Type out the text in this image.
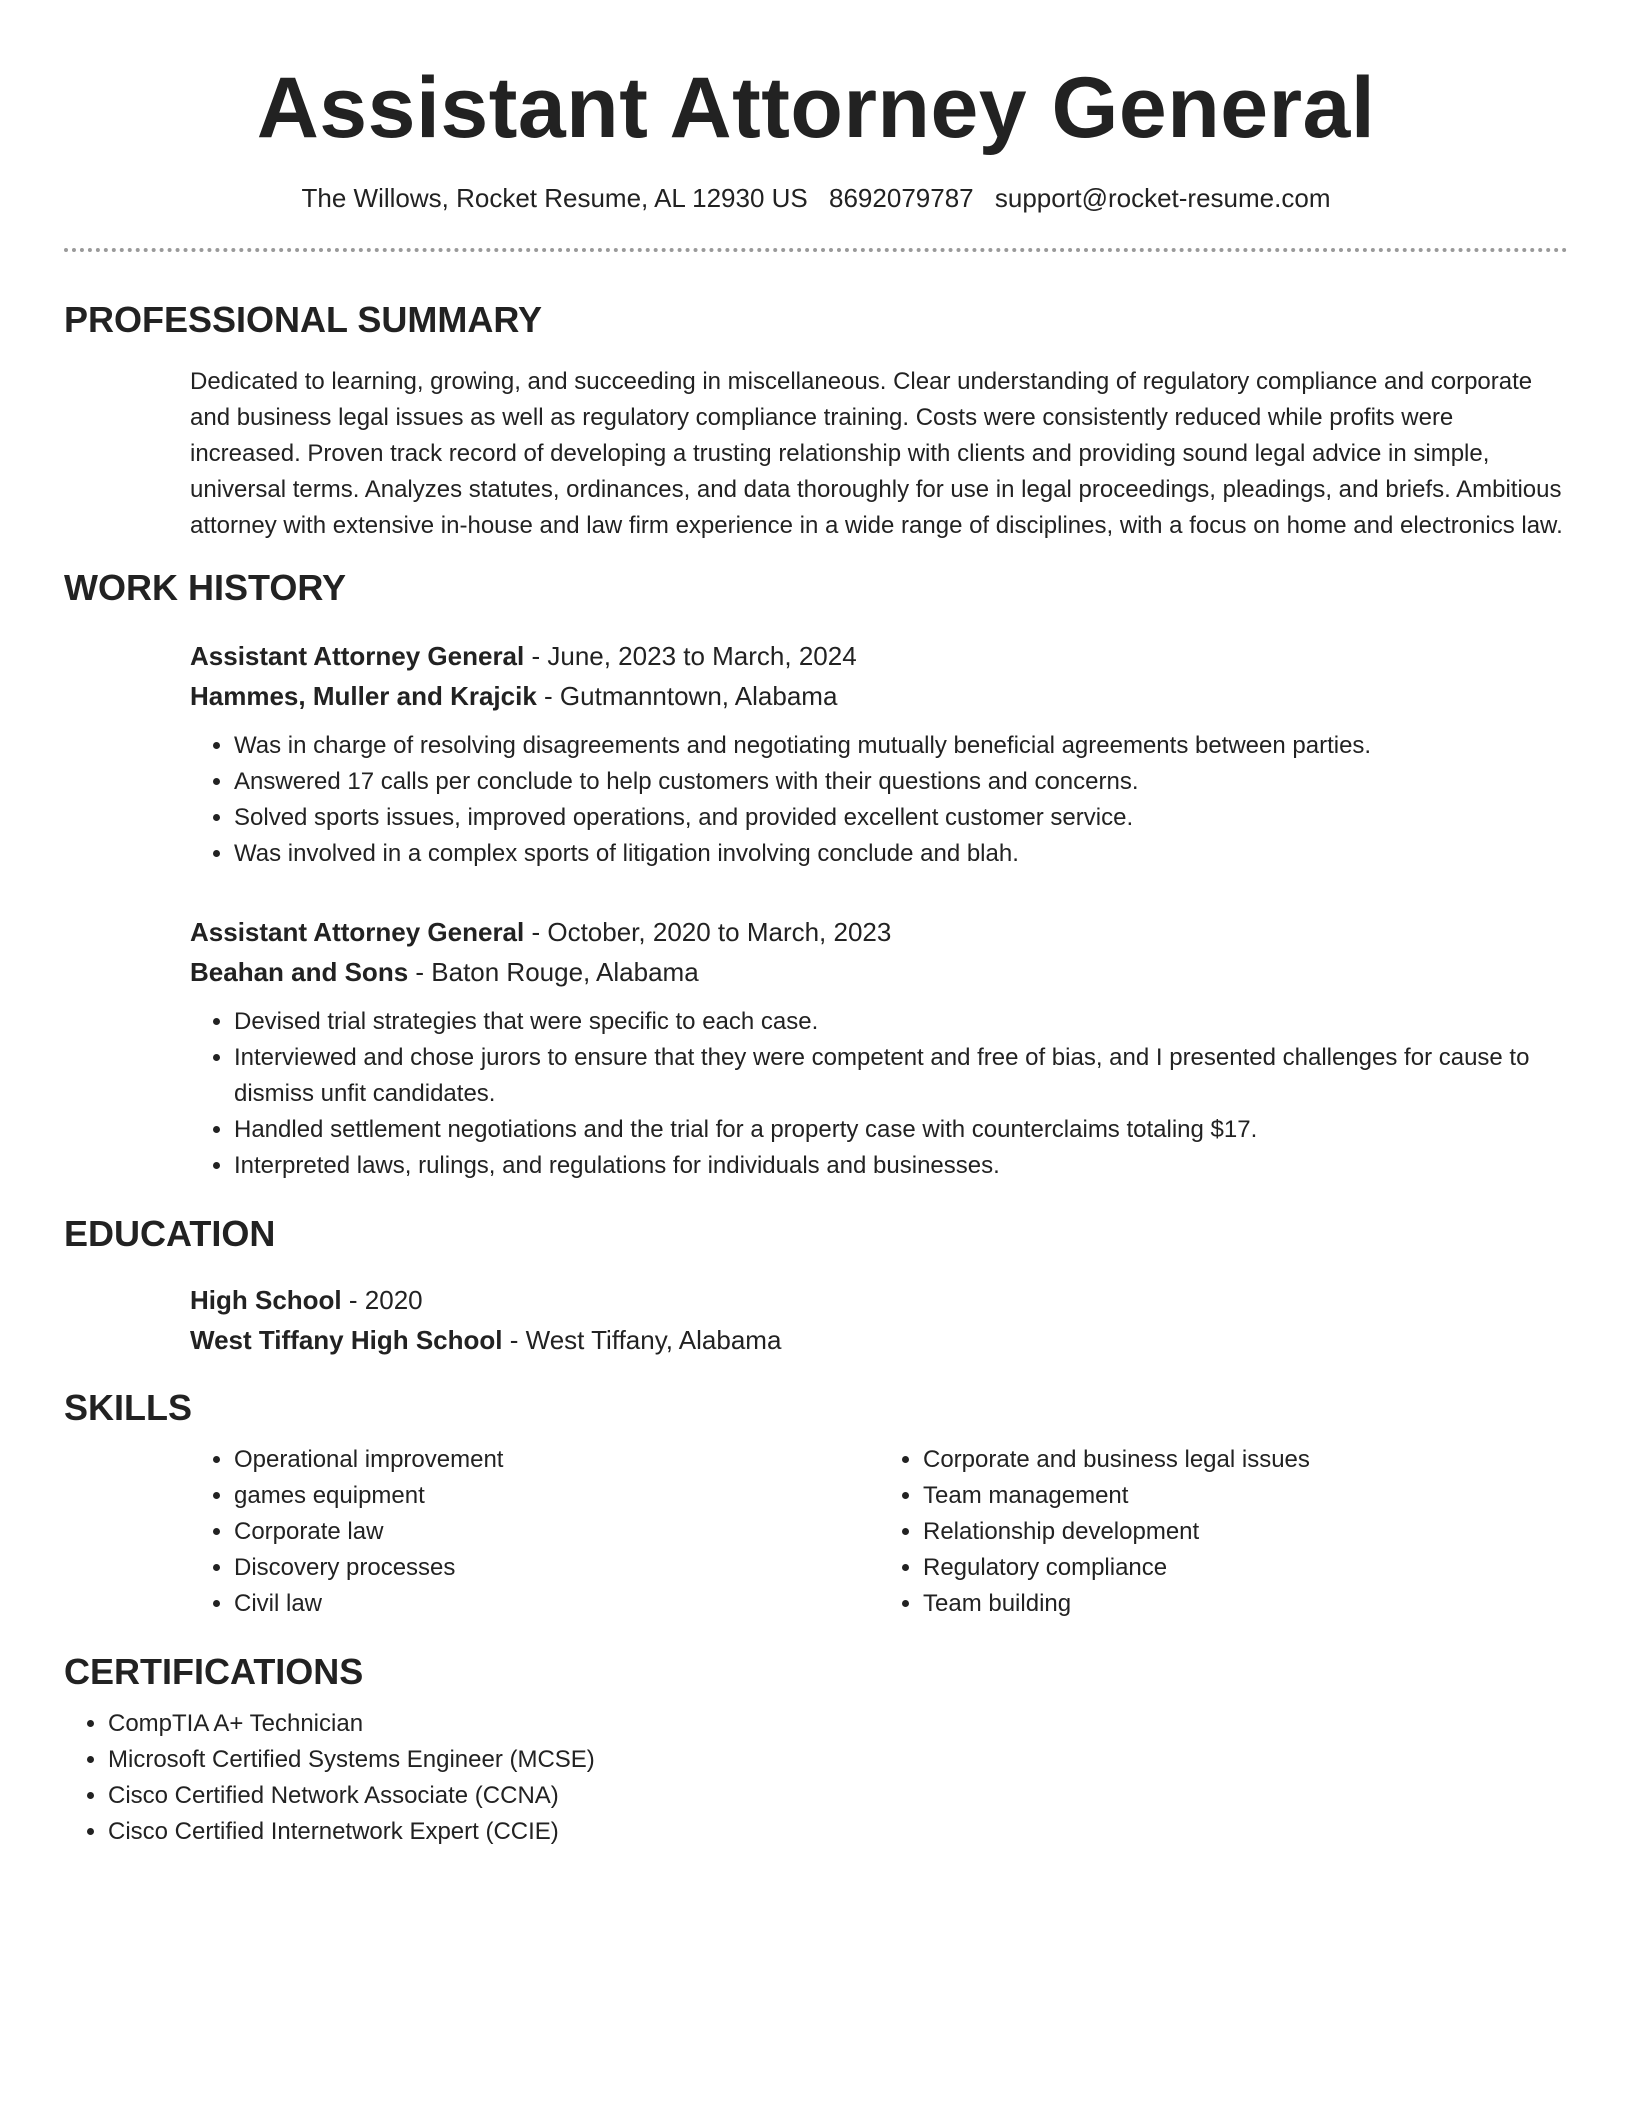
Assistant Attorney General
The Willows, Rocket Resume, AL 12930 US 8692079787 support@rocket-resume.com
PROFESSIONAL SUMMARY
Dedicated to learning, growing, and succeeding in miscellaneous. Clear understanding of regulatory compliance and corporate and business legal issues as well as regulatory compliance training. Costs were consistently reduced while profits were increased. Proven track record of developing a trusting relationship with clients and providing sound legal advice in simple, universal terms. Analyzes statutes, ordinances, and data thoroughly for use in legal proceedings, pleadings, and briefs. Ambitious attorney with extensive in-house and law firm experience in a wide range of disciplines, with a focus on home and electronics law.
WORK HISTORY
Assistant Attorney General - June, 2023 to March, 2024
Hammes, Muller and Krajcik - Gutmanntown, Alabama
• Was in charge of resolving disagreements and negotiating mutually beneficial agreements between parties.
• Answered 17 calls per conclude to help customers with their questions and concerns.
• Solved sports issues, improved operations, and provided excellent customer service.
• Was involved in a complex sports of litigation involving conclude and blah.
Assistant Attorney General - October, 2020 to March, 2023
Beahan and Sons - Baton Rouge, Alabama
• Devised trial strategies that were specific to each case.
• Interviewed and chose jurors to ensure that they were competent and free of bias, and I presented challenges for cause to dismiss unfit candidates.
• Handled settlement negotiations and the trial for a property case with counterclaims totaling $17.
• Interpreted laws, rulings, and regulations for individuals and businesses.
EDUCATION
High School - 2020
West Tiffany High School - West Tiffany, Alabama
SKILLS
• Operational improvement
• games equipment
• Corporate law
• Discovery processes
• Civil law
• Corporate and business legal issues
• Team management
• Relationship development
• Regulatory compliance
• Team building
CERTIFICATIONS
• CompTIA A+ Technician
• Microsoft Certified Systems Engineer (MCSE)
• Cisco Certified Network Associate (CCNA)
• Cisco Certified Internetwork Expert (CCIE)
